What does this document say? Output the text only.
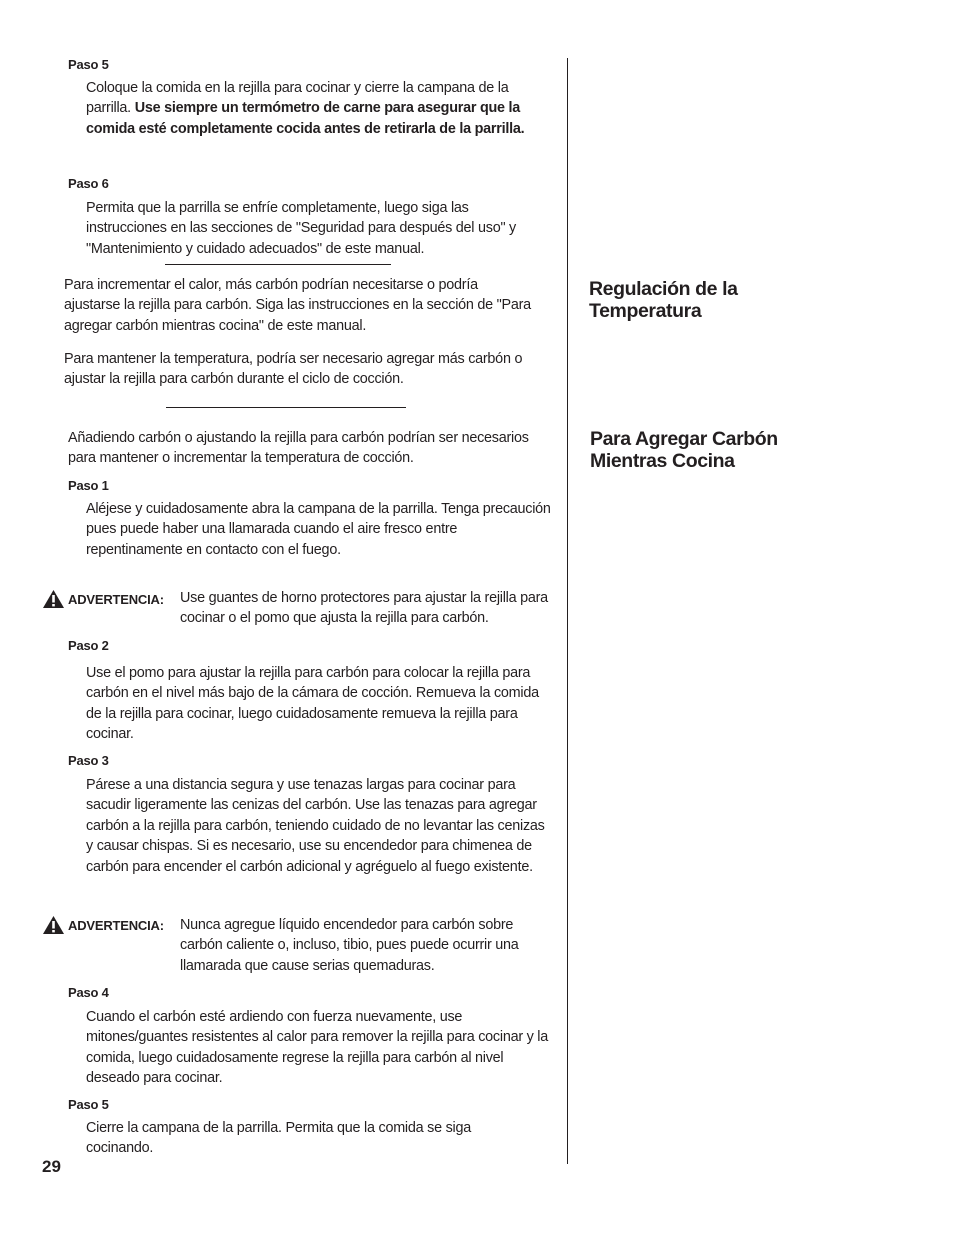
Paso 5
Coloque la comida en la rejilla para cocinar y cierre la campana de la parrilla. Use siempre un termómetro de carne para asegurar que la comida esté completamente cocida antes de retirarla de la parrilla.
Paso 6
Permita que la parrilla se enfríe completamente, luego siga las instrucciones en las secciones de "Seguridad para después del uso" y "Mantenimiento y cuidado adecuados" de este manual.
Para incrementar el calor, más carbón podrían necesitarse o podría ajustarse la rejilla para carbón. Siga las instrucciones en la sección de "Para agregar carbón mientras cocina" de este manual.
Para mantener la temperatura, podría ser necesario agregar más carbón o ajustar la rejilla para carbón durante el ciclo de cocción.
Añadiendo carbón o ajustando la rejilla para carbón podrían ser necesarios para mantener o incrementar la temperatura de cocción.
Paso 1
Aléjese y cuidadosamente abra la campana de la parrilla. Tenga precaución pues puede haber una llamarada cuando el aire fresco entre repentinamente en contacto con el fuego.
ADVERTENCIA: Use guantes de horno protectores para ajustar la rejilla para cocinar o el pomo que ajusta la rejilla para carbón.
Paso 2
Use el pomo para ajustar la rejilla para carbón para colocar la rejilla para carbón en el nivel más bajo de la cámara de cocción. Remueva la comida de la rejilla para cocinar, luego cuidadosamente remueva la rejilla para cocinar.
Paso 3
Párese a una distancia segura y use tenazas largas para cocinar para sacudir ligeramente las cenizas del carbón. Use las tenazas para agregar carbón a la rejilla para carbón, teniendo cuidado de no levantar las cenizas y causar chispas. Si es necesario, use su encendedor para chimenea de carbón para encender el carbón adicional y agréguelo al fuego existente.
ADVERTENCIA: Nunca agregue líquido encendedor para carbón sobre carbón caliente o, incluso, tibio, pues puede ocurrir una llamarada que cause serias quemaduras.
Paso 4
Cuando el carbón esté ardiendo con fuerza nuevamente, use mitones/guantes resistentes al calor para remover la rejilla para cocinar y la comida, luego cuidadosamente regrese la rejilla para carbón al nivel deseado para cocinar.
Paso 5
Cierre la campana de la parrilla. Permita que la comida se siga cocinando.
29
Regulación de la Temperatura
Para Agregar Carbón Mientras Cocina
